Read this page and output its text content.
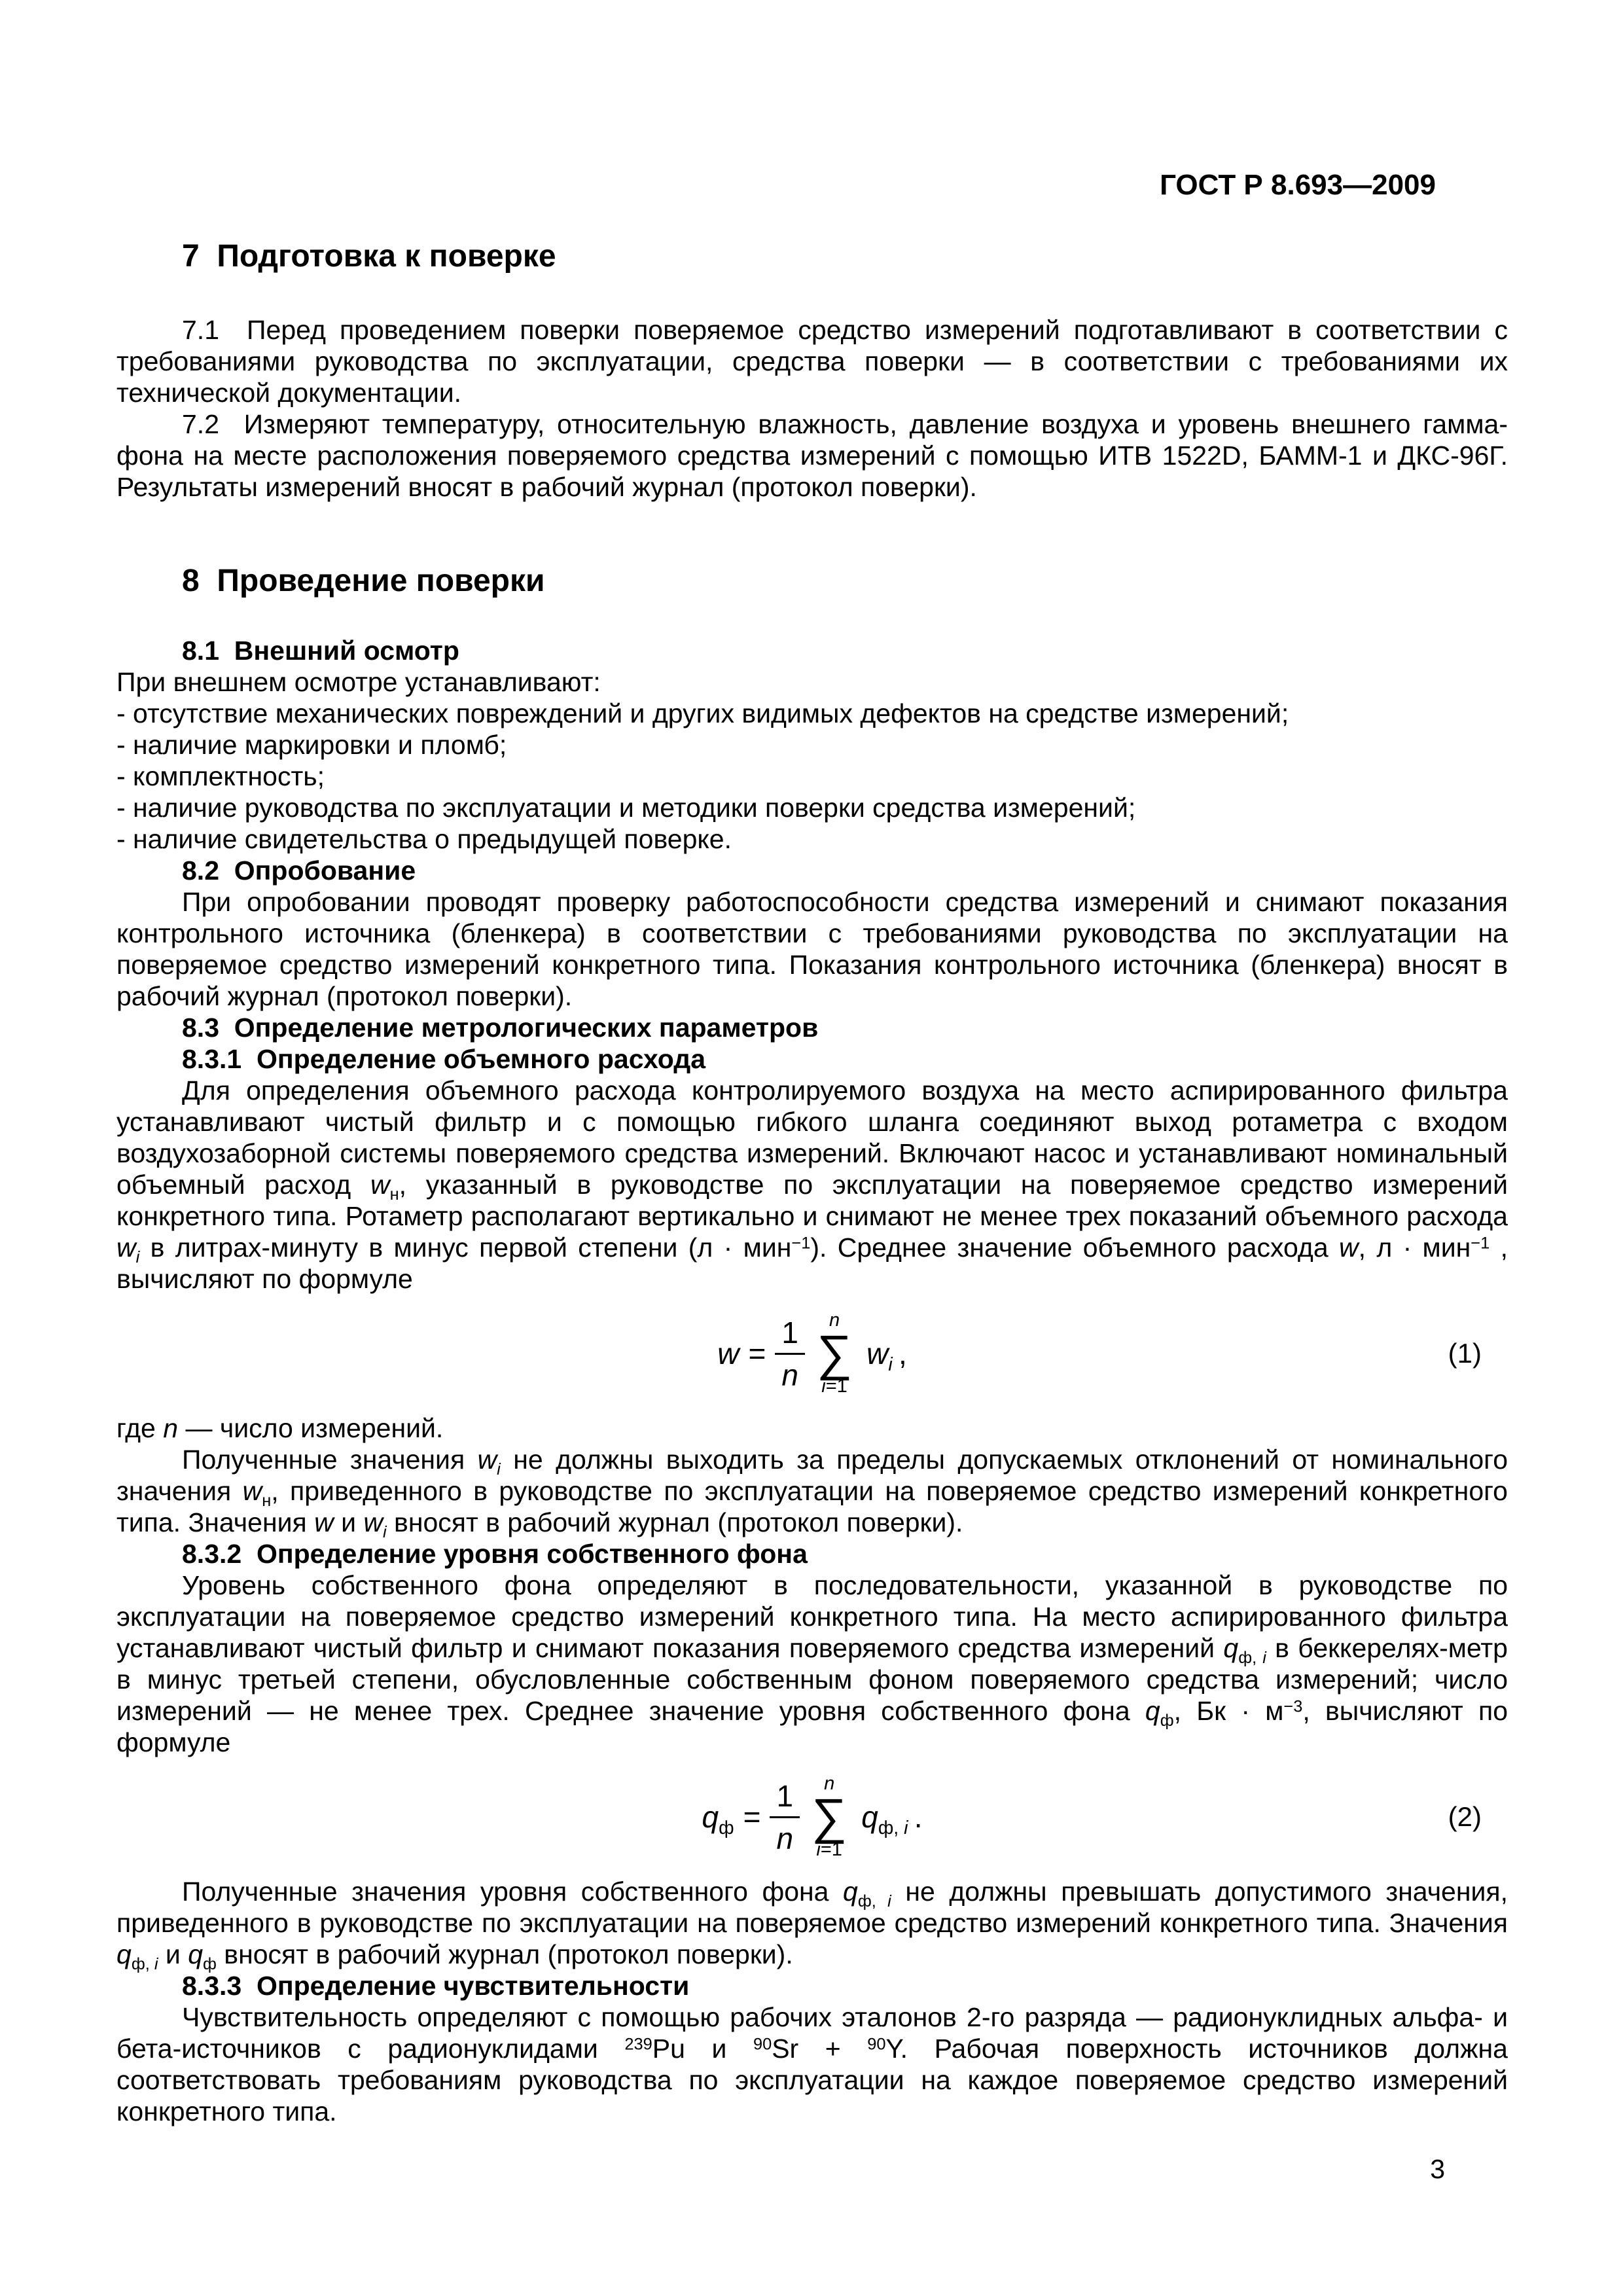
ГОСТ Р 8.693—2009
7  Подготовка к поверке

7.1  Перед проведением поверки поверяемое средство измерений подготавливают в соответствии с требованиями руководства по эксплуатации, средства поверки — в соответствии с требованиями их технической документации.

7.2  Измеряют температуру, относительную влажность, давление воздуха и уровень внешнего гамма-фона на месте расположения поверяемого средства измерений с помощью ИТВ 1522D, БАММ-1 и ДКС-96Г. Результаты измерений вносят в рабочий журнал (протокол поверки).

8  Проведение поверки

8.1  Внешний осмотр

При внешнем осмотре устанавливают:

- отсутствие механических повреждений и других видимых дефектов на средстве измерений;

- наличие маркировки и пломб;

- комплектность;

- наличие руководства по эксплуатации и методики поверки средства измерений;

- наличие свидетельства о предыдущей поверке.

8.2  Опробование

При опробовании проводят проверку работоспособности средства измерений и снимают показания контрольного источника (бленкера) в соответствии с требованиями руководства по эксплуатации на поверяемое средство измерений конкретного типа. Показания контрольного источника (бленкера) вносят в рабочий журнал (протокол поверки).

8.3  Определение метрологических параметров

8.3.1  Определение объемного расхода

Для определения объемного расхода контролируемого воздуха на место аспирированного фильтра устанавливают чистый фильтр и с помощью гибкого шланга соединяют выход ротаметра с входом воздухозаборной системы поверяемого средства измерений. Включают насос и устанавливают номинальный объемный расход $w_н$, указанный в руководстве по эксплуатации на поверяемое средство измерений конкретного типа. Ротаметр располагают вертикально и снимают не менее трех показаний объемного расхода $w_i$ в литрах-минуту в минус первой степени (л · мин$^{-1}$). Среднее значение объемного расхода w, л · мин$^{-1}$ , вычисляют по формуле

$w = \frac{1}{n}$ n
∑
i=1
$w_i$ ,	(1)

где n — число измерений.

Полученные значения $w_i$ не должны выходить за пределы допускаемых отклонений от номинального значения $w_н$, приведенного в руководстве по эксплуатации на поверяемое средство измерений конкретного типа. Значения w и $w_i$ вносят в рабочий журнал (протокол поверки).

8.3.2  Определение уровня собственного фона

Уровень собственного фона определяют в последовательности, указанной в руководстве по эксплуатации на поверяемое средство измерений конкретного типа. На место аспирированного фильтра устанавливают чистый фильтр и снимают показания поверяемого средства измерений $q_{ф, i}$ в беккерелях-метр в минус третьей степени, обусловленные собственным фоном поверяемого средства измерений; число измерений — не менее трех. Среднее значение уровня собственного фона $q_ф$, Бк · $м^{-3}$, вычисляют по формуле

$q_ф = \frac{1}{n}$ n
∑
i=1
$q_{ф, i}$ .	(2)

Полученные значения уровня собственного фона $q_{ф, i}$ не должны превышать допустимого значения, приведенного в руководстве по эксплуатации на поверяемое средство измерений конкретного типа. Значения $q_{ф, i}$ и $q_ф$ вносят в рабочий журнал (протокол поверки).

8.3.3  Определение чувствительности

Чувствительность определяют с помощью рабочих эталонов 2-го разряда — радионуклидных альфа- и бета-источников с радионуклидами $^{239}$Pu и $^{90}$Sr + $^{90}$Y. Рабочая поверхность источников должна соответствовать требованиям руководства по эксплуатации на каждое поверяемое средство измерений конкретного типа.

3
